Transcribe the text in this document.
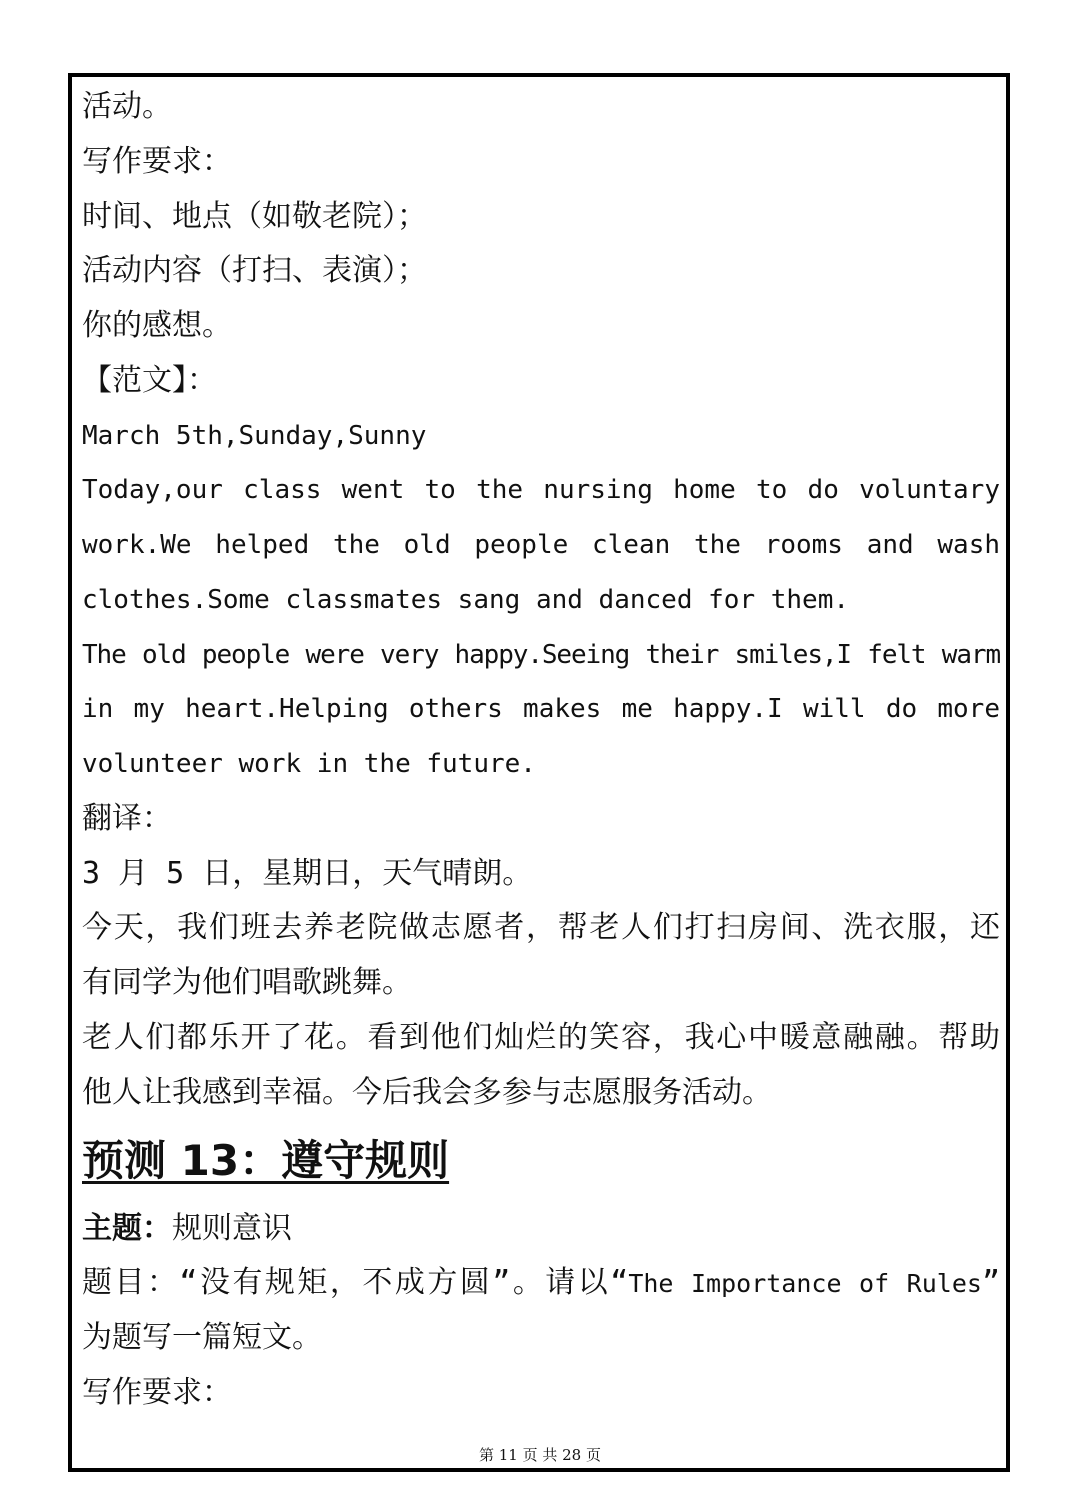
活动。
写作要求：
时间、地点（如敬老院）；
活动内容（打扫、表演）；
你的感想。
【范文】：
March 5th,Sunday,Sunny
Today,our class went to the nursing home to do voluntary
work.We helped the old people clean the rooms and wash
clothes.Some classmates sang and danced for them.
The old people were very happy.Seeing their smiles,I felt warm
in my heart.Helping others makes me happy.I will do more
volunteer work in the future.
翻译：
3 月 5 日，星期日，天气晴朗。
今天，我们班去养老院做志愿者，帮老人们打扫房间、洗衣服，还
有同学为他们唱歌跳舞。
老人们都乐开了花。看到他们灿烂的笑容，我心中暖意融融。帮助
他人让我感到幸福。今后我会多参与志愿服务活动。
预测 13：遵守规则
主题：规则意识
题目：“没有规矩，不成方圆”。请以“The Importance of Rules”
为题写一篇短文。
写作要求：
第 11 页 共 28 页
